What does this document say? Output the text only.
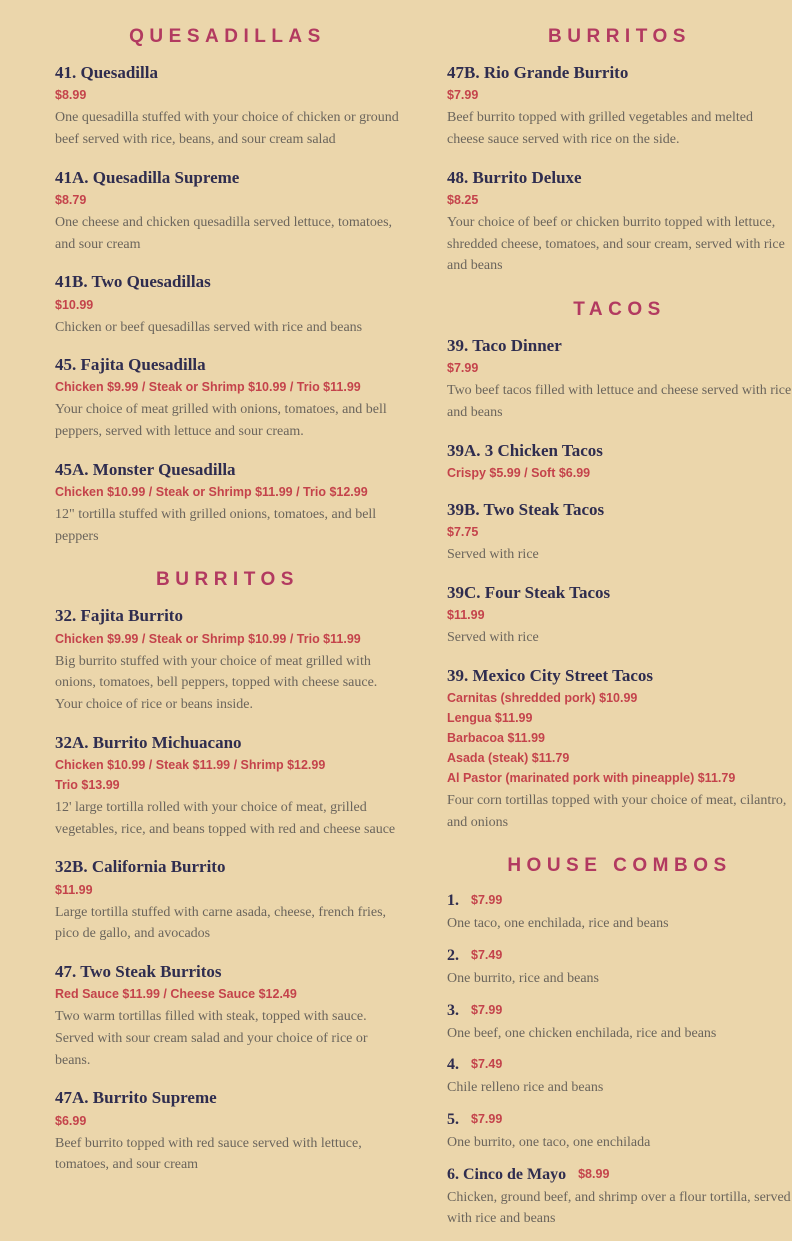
QUESADILLAS
41. Quesadilla
$8.99
One quesadilla stuffed with your choice of chicken or ground beef served with rice, beans, and sour cream salad
41A. Quesadilla Supreme
$8.79
One cheese and chicken quesadilla served lettuce, tomatoes, and sour cream
41B. Two Quesadillas
$10.99
Chicken or beef quesadillas served with rice and beans
45. Fajita Quesadilla
Chicken $9.99 / Steak or Shrimp $10.99 / Trio $11.99
Your choice of meat grilled with onions, tomatoes, and bell peppers, served with lettuce and sour cream.
45A. Monster Quesadilla
Chicken $10.99 / Steak or Shrimp $11.99 / Trio $12.99
12" tortilla stuffed with grilled onions, tomatoes, and bell peppers
BURRITOS
32. Fajita Burrito
Chicken $9.99 / Steak or Shrimp $10.99 / Trio $11.99
Big burrito stuffed with your choice of meat grilled with onions, tomatoes, bell peppers, topped with cheese sauce. Your choice of rice or beans inside.
32A. Burrito Michuacano
Chicken $10.99 / Steak $11.99 / Shrimp $12.99
Trio $13.99
12' large tortilla rolled with your choice of meat, grilled vegetables, rice, and beans topped with red and cheese sauce
32B. California Burrito
$11.99
Large tortilla stuffed with carne asada, cheese, french fries, pico de gallo, and avocados
47. Two Steak Burritos
Red Sauce $11.99 / Cheese Sauce $12.49
Two warm tortillas filled with steak, topped with sauce. Served with sour cream salad and your choice of rice or beans.
47A. Burrito Supreme
$6.99
Beef burrito topped with red sauce served with lettuce, tomatoes, and sour cream
BURRITOS
47B. Rio Grande Burrito
$7.99
Beef burrito topped with grilled vegetables and melted cheese sauce served with rice on the side.
48. Burrito Deluxe
$8.25
Your choice of beef or chicken burrito topped with lettuce, shredded cheese, tomatoes, and sour cream, served with rice and beans
TACOS
39. Taco Dinner
$7.99
Two beef tacos filled with lettuce and cheese served with rice and beans
39A. 3 Chicken Tacos
Crispy $5.99 / Soft $6.99
39B. Two Steak Tacos
$7.75
Served with rice
39C. Four Steak Tacos
$11.99
Served with rice
39. Mexico City Street Tacos
Carnitas (shredded pork) $10.99
Lengua $11.99
Barbacoa $11.99
Asada (steak) $11.79
Al Pastor (marinated pork with pineapple) $11.79
Four corn tortillas topped with your choice of meat, cilantro, and onions
HOUSE COMBOS
1. $7.99
One taco, one enchilada, rice and beans
2. $7.49
One burrito, rice and beans
3. $7.99
One beef, one chicken enchilada, rice and beans
4. $7.49
Chile relleno rice and beans
5. $7.99
One burrito, one taco, one enchilada
6. Cinco de Mayo $8.99
Chicken, ground beef, and shrimp over a flour tortilla, served with rice and beans
